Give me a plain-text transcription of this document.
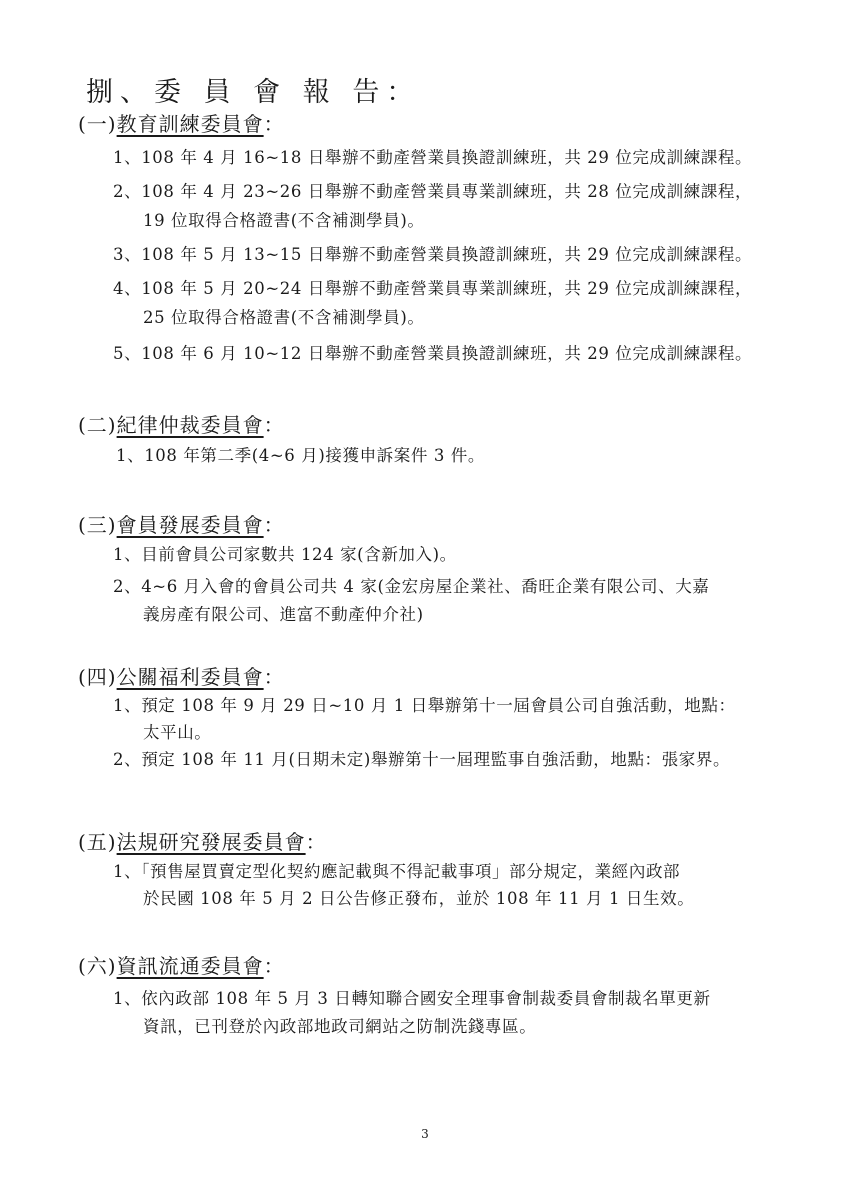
捌、委 員 會 報 告：
(一)教育訓練委員會：
1、108 年 4 月 16~18 日舉辦不動產營業員換證訓練班，共 29 位完成訓練課程。
2、108 年 4 月 23~26 日舉辦不動產營業員專業訓練班，共 28 位完成訓練課程，
19 位取得合格證書(不含補測學員)。
3、108 年 5 月 13~15 日舉辦不動產營業員換證訓練班，共 29 位完成訓練課程。
4、108 年 5 月 20~24 日舉辦不動產營業員專業訓練班，共 29 位完成訓練課程，
25 位取得合格證書(不含補測學員)。
5、108 年 6 月 10~12 日舉辦不動產營業員換證訓練班，共 29 位完成訓練課程。
(二)紀律仲裁委員會：
1、108 年第二季(4~6 月)接獲申訴案件 3 件。
(三)會員發展委員會：
1、目前會員公司家數共 124 家(含新加入)。
2、4~6 月入會的會員公司共 4 家(金宏房屋企業社、喬旺企業有限公司、大嘉
義房產有限公司、進富不動產仲介社)
(四)公關福利委員會：
1、預定 108 年 9 月 29 日~10 月 1 日舉辦第十一屆會員公司自強活動，地點：
太平山。
2、預定 108 年 11 月(日期未定)舉辦第十一屆理監事自強活動，地點：張家界。
(五)法規研究發展委員會：
1、「預售屋買賣定型化契約應記載與不得記載事項」部分規定，業經內政部
於民國 108 年 5 月 2 日公告修正發布，並於 108 年 11 月 1 日生效。
(六)資訊流通委員會：
1、依內政部 108 年 5 月 3 日轉知聯合國安全理事會制裁委員會制裁名單更新
資訊，已刊登於內政部地政司網站之防制洗錢專區。
3
